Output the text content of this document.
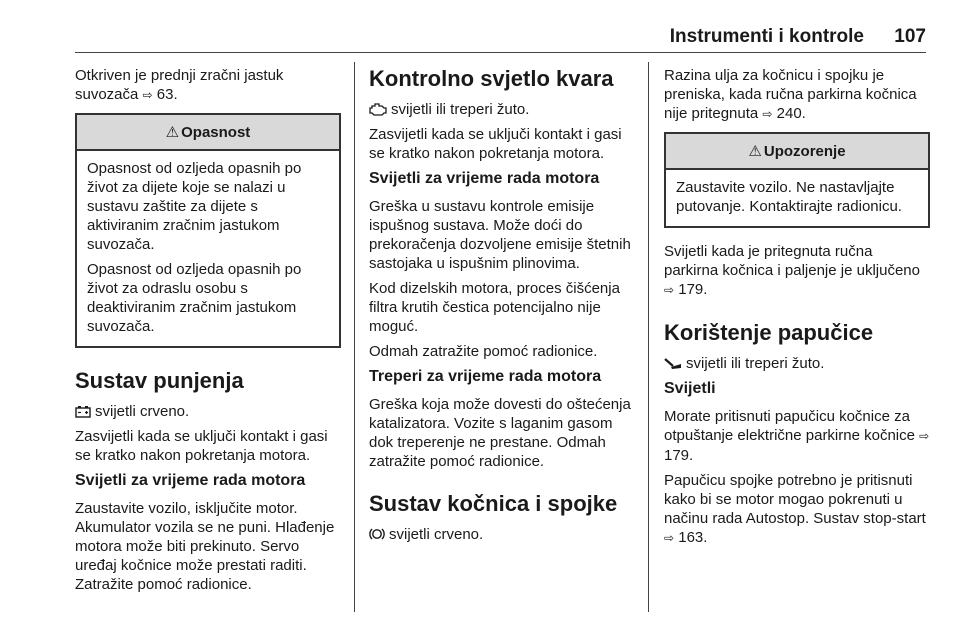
Instrumenti i kontrole 107

Otkriven je prednji zračni jastuk suvozača ⇨ 63.

⚠ Opasnost

Opasnost od ozljeda opasnih po život za dijete koje se nalazi u sustavu zaštite za dijete s aktiviranim zračnim jastukom suvozača.

Opasnost od ozljeda opasnih po život za odraslu osobu s deaktiviranim zračnim jastukom suvozača.

Sustav punjenja

svijetli crveno.

Zasvijetli kada se uključi kontakt i gasi se kratko nakon pokretanja motora.

Svijetli za vrijeme rada motora

Zaustavite vozilo, isključite motor. Akumulator vozila se ne puni. Hlađenje motora može biti prekinuto. Servo uređaj kočnice može prestati raditi. Zatražite pomoć radionice.

Kontrolno svjetlo kvara

svijetli ili treperi žuto.

Zasvijetli kada se uključi kontakt i gasi se kratko nakon pokretanja motora.

Svijetli za vrijeme rada motora

Greška u sustavu kontrole emisije ispušnog sustava. Može doći do prekoračenja dozvoljene emisije štetnih sastojaka u ispušnim plinovima.

Kod dizelskih motora, proces čišćenja filtra krutih čestica potencijalno nije moguć.

Odmah zatražite pomoć radionice.

Treperi za vrijeme rada motora

Greška koja može dovesti do oštećenja katalizatora. Vozite s laganim gasom dok treperenje ne prestane. Odmah zatražite pomoć radionice.

Sustav kočnica i spojke

svijetli crveno.

Razina ulja za kočnicu i spojku je preniska, kada ručna parkirna kočnica nije pritegnuta ⇨ 240.

⚠ Upozorenje

Zaustavite vozilo. Ne nastavljajte putovanje. Kontaktirajte radionicu.

Svijetli kada je pritegnuta ručna parkirna kočnica i paljenje je uključeno ⇨ 179.

Korištenje papučice

svijetli ili treperi žuto.

Svijetli

Morate pritisnuti papučicu kočnice za otpuštanje električne parkirne kočnice ⇨ 179.

Papučicu spojke potrebno je pritisnuti kako bi se motor mogao pokrenuti u načinu rada Autostop. Sustav stop-start ⇨ 163.
